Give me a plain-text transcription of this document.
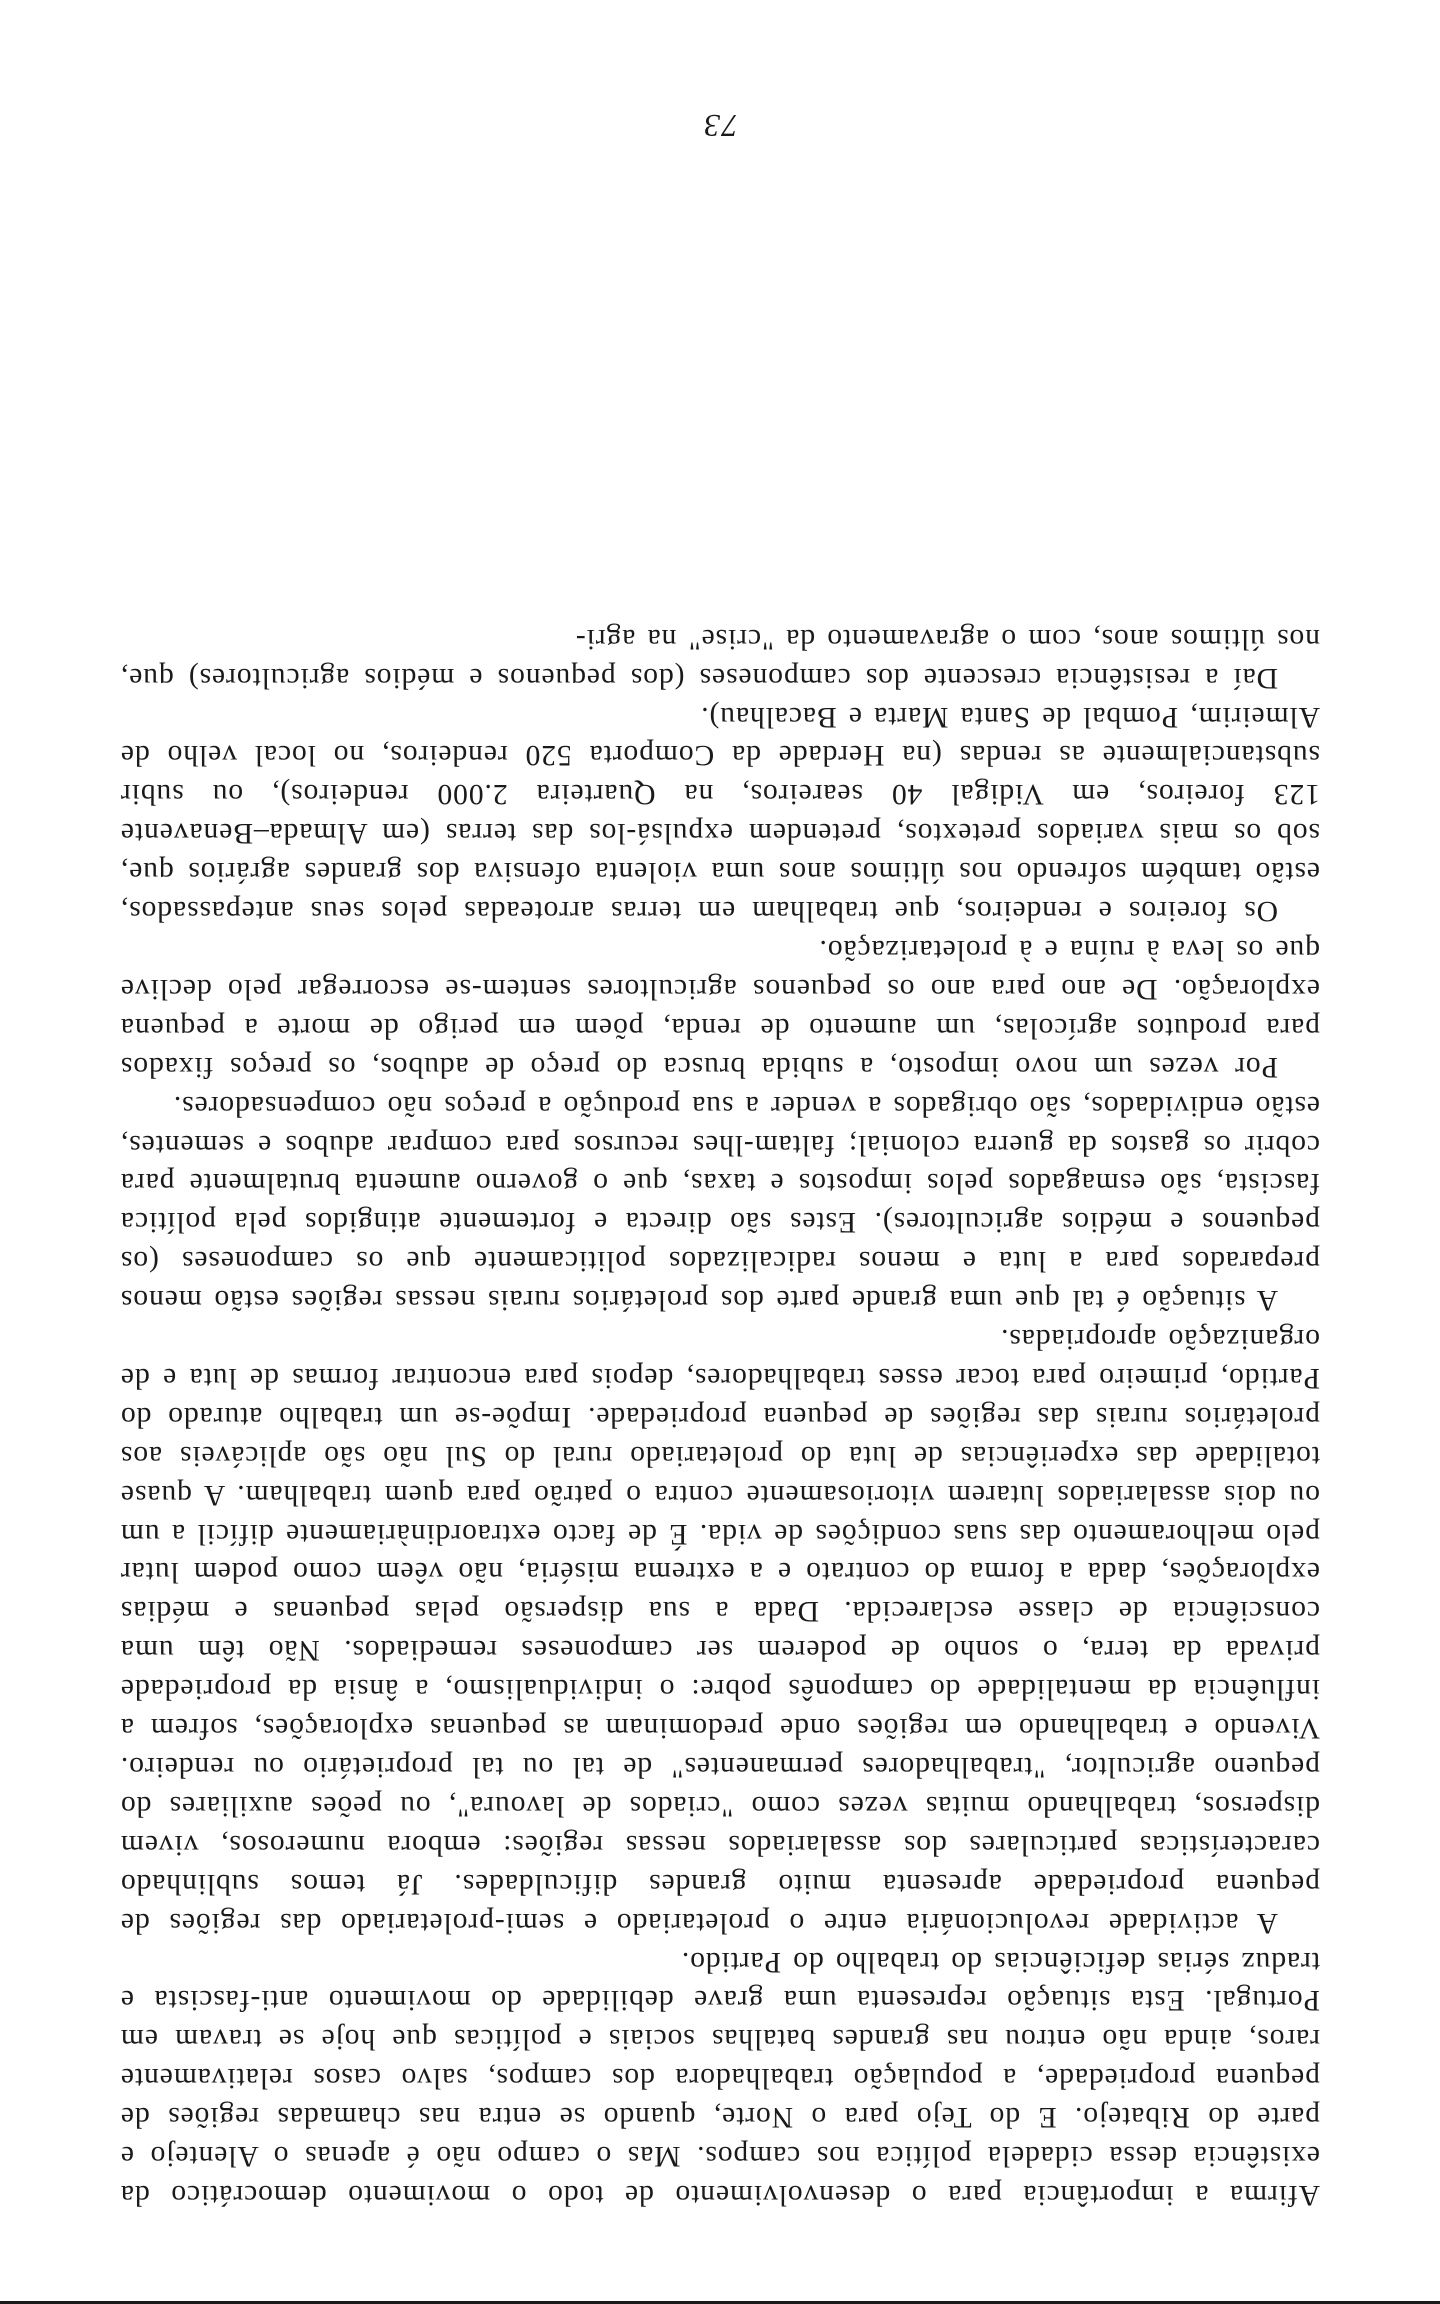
Afirma a importância para o desenvolvimento de todo o movimento democrático da existência dessa cidadela política nos campos. Mas o campo não é apenas o Alentejo e parte do Ribatejo. E do Tejo para o Norte, quando se entra nas chamadas regiões de pequena propriedade, a população trabalhadora dos campos, salvo casos relativamente raros, ainda não entrou nas grandes batalhas sociais e políticas que hoje se travam em Portugal. Esta situação representa uma grave debilidade do movimento anti-fascista e traduz sérias deficiências do trabalho do Partido.

A actividade revolucionária entre o proletariado e semi-proletariado das regiões de pequena propriedade apresenta muito grandes dificuldades. Já temos sublinhado características particulares dos assalariados nessas regiões: embora numerosos, vivem dispersos, trabalhando muitas vezes como "criados de lavoura", ou peões auxiliares do pequeno agricultor, "trabalhadores permanentes" de tal ou tal proprietário ou rendeiro. Vivendo e trabalhando em regiões onde predominam as pequenas explorações, sofrem a influência da mentalidade do camponês pobre: o individualismo, a ânsia da propriedade privada da terra, o sonho de poderem ser camponeses remediados. Não têm uma consciência de classe esclarecida. Dada a sua dispersão pelas pequenas e médias explorações, dada a forma do contrato e a extrema miséria, não vêem como podem lutar pelo melhoramento das suas condições de vida. É de facto extraordinàriamente difícil a um ou dois assalariados lutarem vitoriosamente contra o patrão para quem trabalham. A quase totalidade das experiências de luta do proletariado rural do Sul não são aplicáveis aos proletários rurais das regiões de pequena propriedade. Impõe-se um trabalho aturado do Partido, primeiro para tocar esses trabalhadores, depois para encontrar formas de luta e de organização apropriadas.

A situação é tal que uma grande parte dos proletários rurais nessas regiões estão menos preparados para a luta e menos radicalizados politicamente que os camponeses (os pequenos e médios agricultores). Estes são directa e fortemente atingidos pela política fascista, são esmagados pelos impostos e taxas, que o governo aumenta brutalmente para cobrir os gastos da guerra colonial; faltam-lhes recursos para comprar adubos e sementes, estão endividados, são obrigados a vender a sua produção a preços não compensadores.

Por vezes um novo imposto, a subida brusca do preço de adubos, os preços fixados para produtos agrícolas, um aumento de renda, põem em perigo de morte a pequena exploração. De ano para ano os pequenos agricultores sentem-se escorregar pelo declive que os leva à ruína e à proletarização.

Os foreiros e rendeiros, que trabalham em terras arroteadas pelos seus antepassados, estão também sofrendo nos últimos anos uma violenta ofensiva dos grandes agrários que, sob os mais variados pretextos, pretendem expulsá-los das terras (em Almada–Benavente 123 foreiros, em Vidigal 40 seareiros, na Quarteira 2.000 rendeiros), ou subir substancialmente as rendas (na Herdade da Comporta 520 rendeiros, no local velho de Almeirim, Pombal de Santa Marta e Bacalhau).

Daí a resistência crescente dos camponeses (dos pequenos e médios agricultores) que, nos últimos anos, com o agravamento da "crise" na agri-

73
